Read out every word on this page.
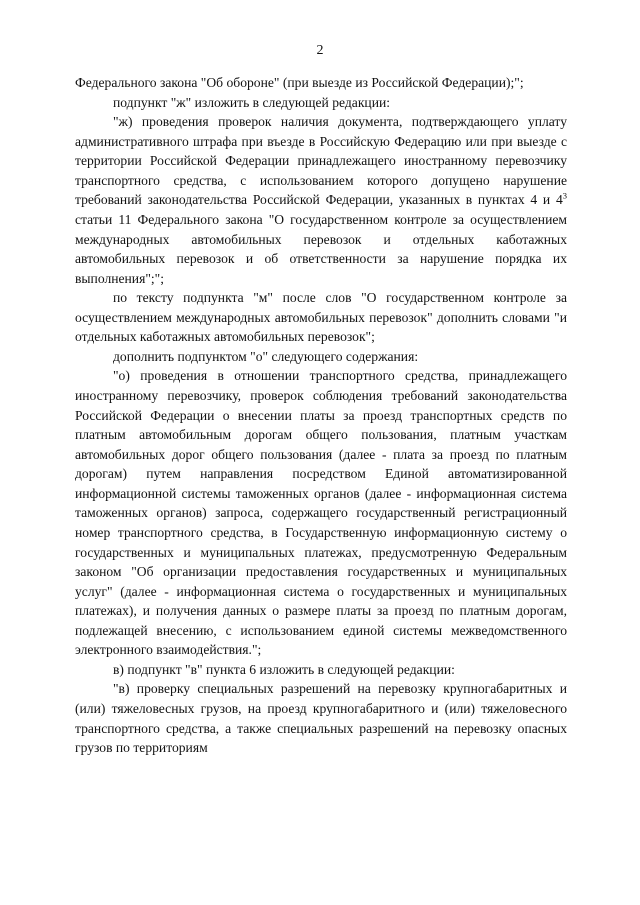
2

Федерального закона "Об обороне" (при выезде из Российской Федерации);";

подпункт "ж" изложить в следующей редакции:

"ж) проведения проверок наличия документа, подтверждающего уплату административного штрафа при въезде в Российскую Федерацию или при выезде с территории Российской Федерации принадлежащего иностранному перевозчику транспортного средства, с использованием которого допущено нарушение требований законодательства Российской Федерации, указанных в пунктах 4 и $4^3$ статьи 11 Федерального закона "О государственном контроле за осуществлением международных автомобильных перевозок и отдельных каботажных автомобильных перевозок и об ответственности за нарушение порядка их выполнения";";

по тексту подпункта "м" после слов "О государственном контроле за осуществлением международных автомобильных перевозок" дополнить словами "и отдельных каботажных автомобильных перевозок";

дополнить подпунктом "о" следующего содержания:

"о) проведения в отношении транспортного средства, принадлежащего иностранному перевозчику, проверок соблюдения требований законодательства Российской Федерации о внесении платы за проезд транспортных средств по платным автомобильным дорогам общего пользования, платным участкам автомобильных дорог общего пользования (далее - плата за проезд по платным дорогам) путем направления посредством Единой автоматизированной информационной системы таможенных органов (далее - информационная система таможенных органов) запроса, содержащего государственный регистрационный номер транспортного средства, в Государственную информационную систему о государственных и муниципальных платежах, предусмотренную Федеральным законом "Об организации предоставления государственных и муниципальных услуг" (далее - информационная система о государственных и муниципальных платежах), и получения данных о размере платы за проезд по платным дорогам, подлежащей внесению, с использованием единой системы межведомственного электронного взаимодействия.";

в) подпункт "в" пункта 6 изложить в следующей редакции:

"в) проверку специальных разрешений на перевозку крупногабаритных и (или) тяжеловесных грузов, на проезд крупногабаритного и (или) тяжеловесного транспортного средства, а также специальных разрешений на перевозку опасных грузов по территориям
